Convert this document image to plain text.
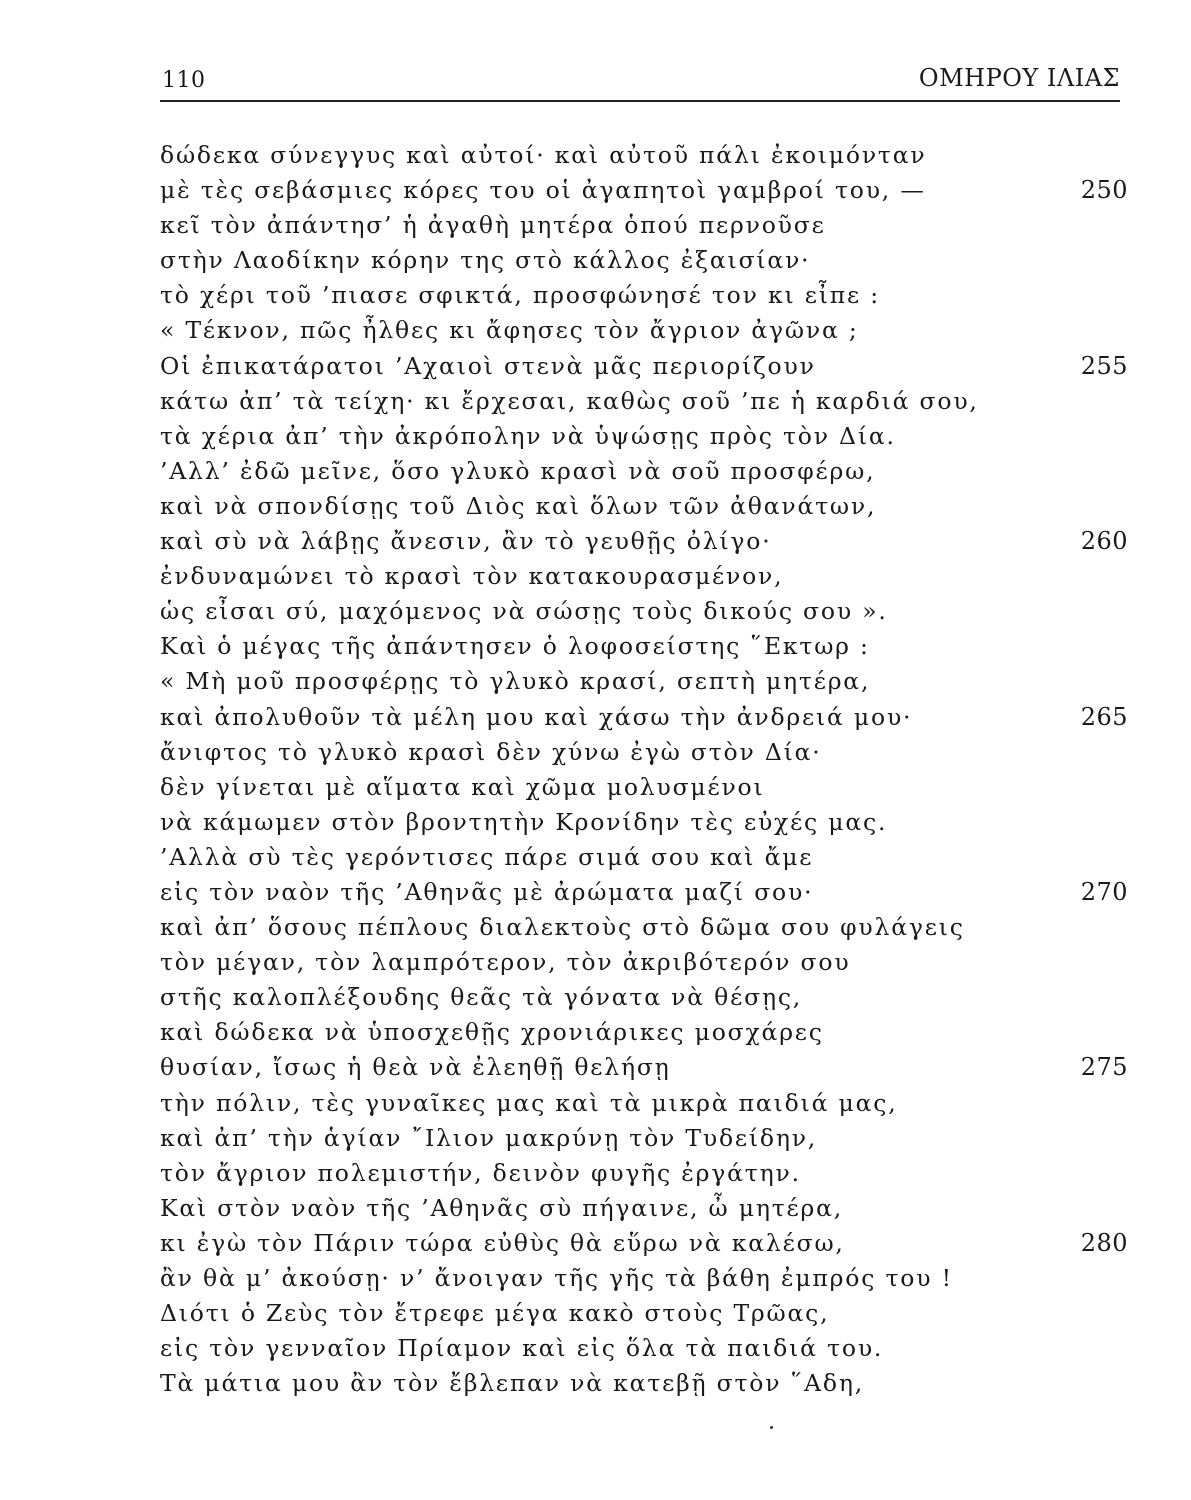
110	ΟΜΗΡΟΥ ΙΛΙΑΣ
δώδεκα σύνεγγυς καὶ αὐτοί· καὶ αὐτοῦ πάλι ἐκοιμόνταν
μὲ τὲς σεβάσμιες κόρες του οἱ ἀγαπητοὶ γαμβροί του, —	250
κεῖ τὸν ἀπάντησ’ ἡ ἀγαθὴ μητέρα ὁπού περνοῦσε
στὴν Λαοδίκην κόρην της στὸ κάλλος ἐξαισίαν·
τὸ χέρι τοῦ ’πιασε σφικτά, προσφώνησέ τον κι εἶπε :
« Τέκνον, πῶς ἦλθες κι ἄφησες τὸν ἄγριον ἀγῶνα ;
Οἱ ἐπικατάρατοι ’Αχαιοὶ στενὰ μᾶς περιορίζουν	255
κάτω ἀπ’ τὰ τείχη· κι ἔρχεσαι, καθὼς σοῦ ’πε ἡ καρδιά σου,
τὰ χέρια ἀπ’ τὴν ἀκρόπολην νὰ ὑψώσῃς πρὸς τὸν Δία.
’Αλλ’ ἐδῶ μεῖνε, ὅσο γλυκὸ κρασὶ νὰ σοῦ προσφέρω,
καὶ νὰ σπονδίσῃς τοῦ Διὸς καὶ ὅλων τῶν ἀθανάτων,
καὶ σὺ νὰ λάβῃς ἄνεσιν, ἂν τὸ γευθῇς ὀλίγο·	260
ἐνδυναμώνει τὸ κρασὶ τὸν κατακουρασμένον,
ὡς εἶσαι σύ, μαχόμενος νὰ σώσῃς τοὺς δικούς σου ».
Καὶ ὁ μέγας τῆς ἀπάντησεν ὁ λοφοσείστης ῞Εκτωρ :
« Μὴ μοῦ προσφέρῃς τὸ γλυκὸ κρασί, σεπτὴ μητέρα,
καὶ ἀπολυθοῦν τὰ μέλη μου καὶ χάσω τὴν ἀνδρειά μου·	265
ἄνιφτος τὸ γλυκὸ κρασὶ δὲν χύνω ἐγὼ στὸν Δία·
δὲν γίνεται μὲ αἵματα καὶ χῶμα μολυσμένοι
νὰ κάμωμεν στὸν βροντητὴν Κρονίδην τὲς εὐχές μας.
’Αλλὰ σὺ τὲς γερόντισες πάρε σιμά σου καὶ ἄμε
εἰς τὸν ναὸν τῆς ’Αθηνᾶς μὲ ἀρώματα μαζί σου·	270
καὶ ἀπ’ ὅσους πέπλους διαλεκτοὺς στὸ δῶμα σου φυλάγεις
τὸν μέγαν, τὸν λαμπρότερον, τὸν ἀκριβότερόν σου
στῆς καλοπλέξουδης θεᾶς τὰ γόνατα νὰ θέσῃς,
καὶ δώδεκα νὰ ὑποσχεθῇς χρονιάρικες μοσχάρες
θυσίαν, ἴσως ἡ θεὰ νὰ ἐλεηθῇ θελήσῃ	275
τὴν πόλιν, τὲς γυναῖκες μας καὶ τὰ μικρὰ παιδιά μας,
καὶ ἀπ’ τὴν ἁγίαν ῎Ιλιον μακρύνῃ τὸν Τυδείδην,
τὸν ἄγριον πολεμιστήν, δεινὸν φυγῆς ἐργάτην.
Καὶ στὸν ναὸν τῆς ’Αθηνᾶς σὺ πήγαινε, ὦ μητέρα,
κι ἐγὼ τὸν Πάριν τώρα εὐθὺς θὰ εὕρω νὰ καλέσω,	280
ἂν θὰ μ’ ἀκούσῃ· ν’ ἄνοιγαν τῆς γῆς τὰ βάθη ἐμπρός του !
Διότι ὁ Ζεὺς τὸν ἔτρεφε μέγα κακὸ στοὺς Τρῶας,
εἰς τὸν γενναῖον Πρίαμον καὶ εἰς ὅλα τὰ παιδιά του.
Τὰ μάτια μου ἂν τὸν ἔβλεπαν νὰ κατεβῇ στὸν ῞Αδη,
